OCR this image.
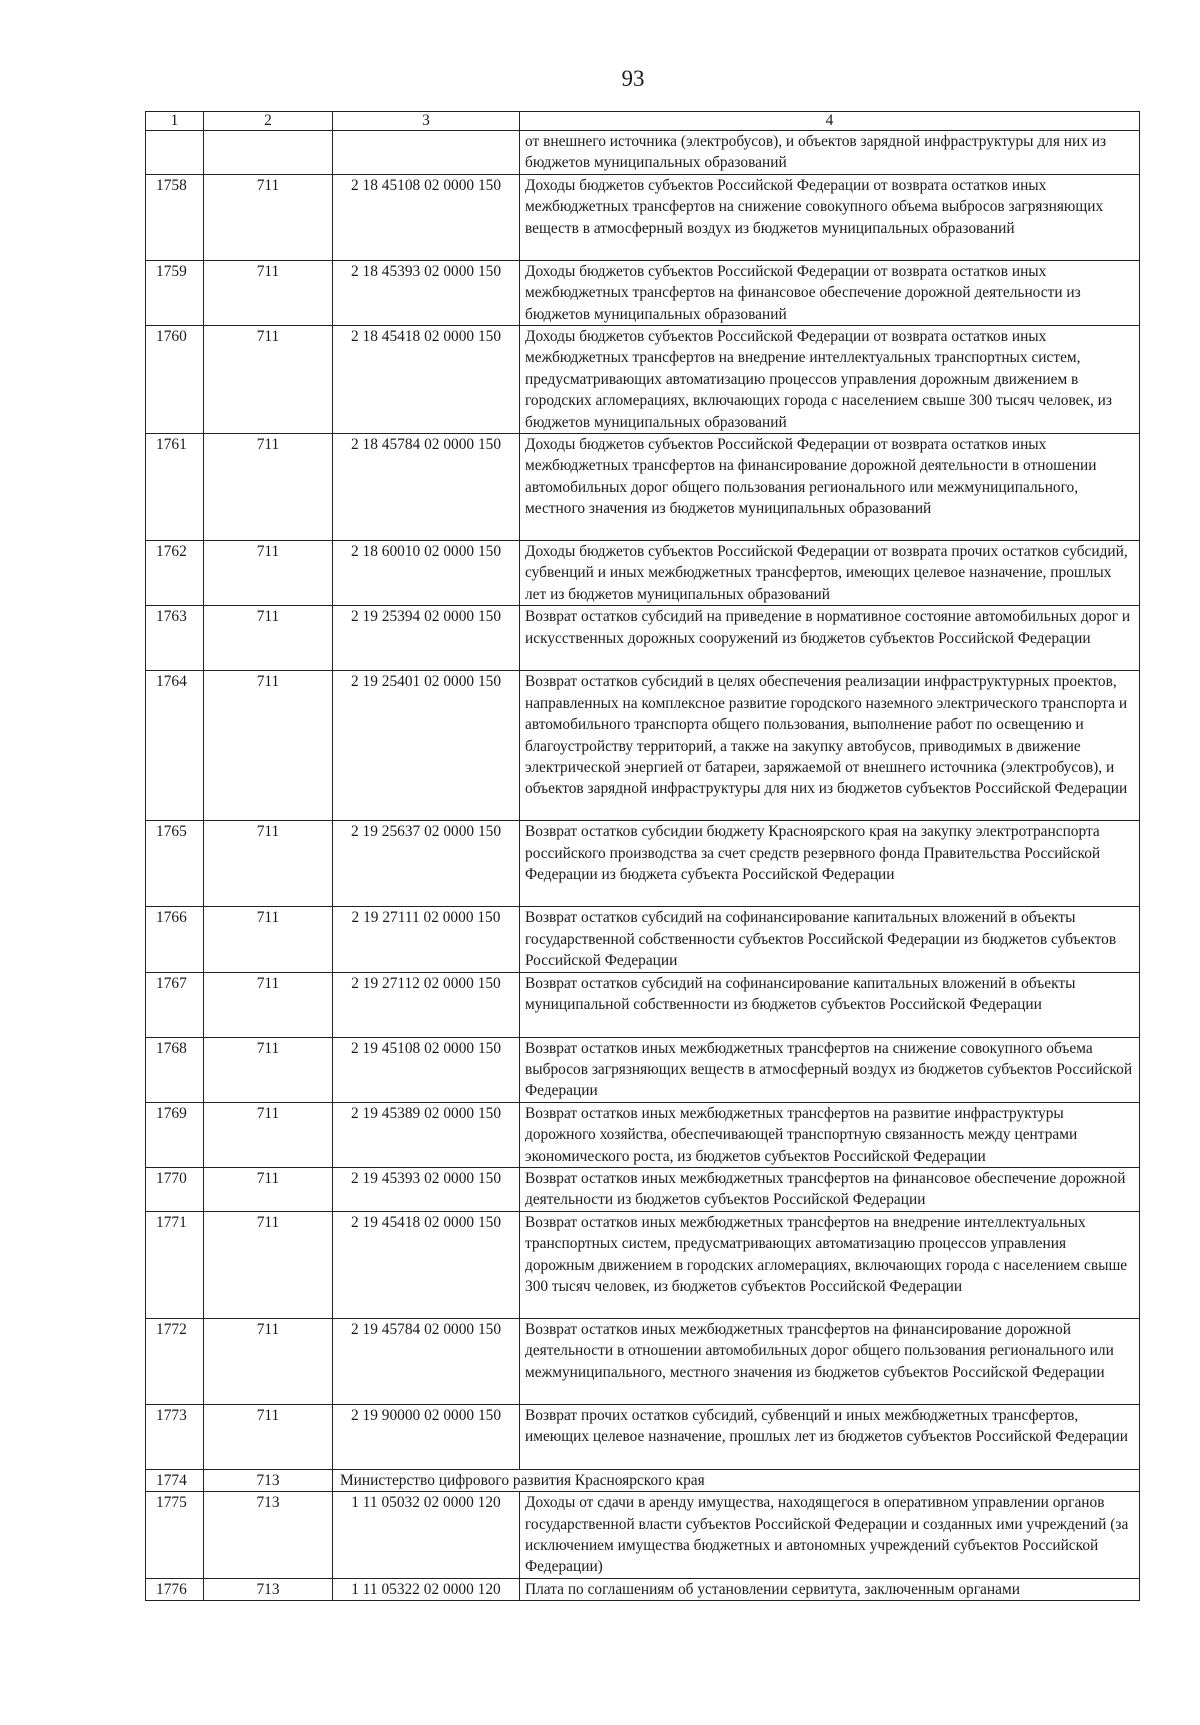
93
1	2	3	4
			от внешнего источника (электробусов), и объектов зарядной инфраструктуры для них из бюджетов муниципальных образований
1758	711	2 18 45108 02 0000 150	Доходы бюджетов субъектов Российской Федерации от возврата остатков иных межбюджетных трансфертов на снижение совокупного объема выбросов загрязняющих веществ в атмосферный воздух из бюджетов муниципальных образований
1759	711	2 18 45393 02 0000 150	Доходы бюджетов субъектов Российской Федерации от возврата остатков иных межбюджетных трансфертов на финансовое обеспечение дорожной деятельности из бюджетов муниципальных образований
1760	711	2 18 45418 02 0000 150	Доходы бюджетов субъектов Российской Федерации от возврата остатков иных межбюджетных трансфертов на внедрение интеллектуальных транспортных систем, предусматривающих автоматизацию процессов управления дорожным движением в городских агломерациях, включающих города с населением свыше 300 тысяч человек, из бюджетов муниципальных образований
1761	711	2 18 45784 02 0000 150	Доходы бюджетов субъектов Российской Федерации от возврата остатков иных межбюджетных трансфертов на финансирование дорожной деятельности в отношении автомобильных дорог общего пользования регионального или межмуниципального, местного значения из бюджетов муниципальных образований
1762	711	2 18 60010 02 0000 150	Доходы бюджетов субъектов Российской Федерации от возврата прочих остатков субсидий, субвенций и иных межбюджетных трансфертов, имеющих целевое назначение, прошлых лет из бюджетов муниципальных образований
1763	711	2 19 25394 02 0000 150	Возврат остатков субсидий на приведение в нормативное состояние автомобильных дорог и искусственных дорожных сооружений из бюджетов субъектов Российской Федерации
1764	711	2 19 25401 02 0000 150	Возврат остатков субсидий в целях обеспечения реализации инфраструктурных проектов, направленных на комплексное развитие городского наземного электрического транспорта и автомобильного транспорта общего пользования, выполнение работ по освещению и благоустройству территорий, а также на закупку автобусов, приводимых в движение электрической энергией от батареи, заряжаемой от внешнего источника (электробусов), и объектов зарядной инфраструктуры для них из бюджетов субъектов Российской Федерации
1765	711	2 19 25637 02 0000 150	Возврат остатков субсидии бюджету Красноярского края на закупку электротранспорта российского производства за счет средств резервного фонда Правительства Российской Федерации из бюджета субъекта Российской Федерации
1766	711	2 19 27111 02 0000 150	Возврат остатков субсидий на софинансирование капитальных вложений в объекты государственной собственности субъектов Российской Федерации из бюджетов субъектов Российской Федерации
1767	711	2 19 27112 02 0000 150	Возврат остатков субсидий на софинансирование капитальных вложений в объекты муниципальной собственности из бюджетов субъектов Российской Федерации
1768	711	2 19 45108 02 0000 150	Возврат остатков иных межбюджетных трансфертов на снижение совокупного объема выбросов загрязняющих веществ в атмосферный воздух из бюджетов субъектов Российской Федерации
1769	711	2 19 45389 02 0000 150	Возврат остатков иных межбюджетных трансфертов на развитие инфраструктуры дорожного хозяйства, обеспечивающей транспортную связанность между центрами экономического роста, из бюджетов субъектов Российской Федерации
1770	711	2 19 45393 02 0000 150	Возврат остатков иных межбюджетных трансфертов на финансовое обеспечение дорожной деятельности из бюджетов субъектов Российской Федерации
1771	711	2 19 45418 02 0000 150	Возврат остатков иных межбюджетных трансфертов на внедрение интеллектуальных транспортных систем, предусматривающих автоматизацию процессов управления дорожным движением в городских агломерациях, включающих города с населением свыше 300 тысяч человек, из бюджетов субъектов Российской Федерации
1772	711	2 19 45784 02 0000 150	Возврат остатков иных межбюджетных трансфертов на финансирование дорожной деятельности в отношении автомобильных дорог общего пользования регионального или межмуниципального, местного значения из бюджетов субъектов Российской Федерации
1773	711	2 19 90000 02 0000 150	Возврат прочих остатков субсидий, субвенций и иных межбюджетных трансфертов, имеющих целевое назначение, прошлых лет из бюджетов субъектов Российской Федерации
1774	713	Министерство цифрового развития Красноярского края	
1775	713	1 11 05032 02 0000 120	Доходы от сдачи в аренду имущества, находящегося в оперативном управлении органов государственной власти субъектов Российской Федерации и созданных ими учреждений (за исключением имущества бюджетных и автономных учреждений субъектов Российской Федерации)
1776	713	1 11 05322 02 0000 120	Плата по соглашениям об установлении сервитута, заключенным органами
